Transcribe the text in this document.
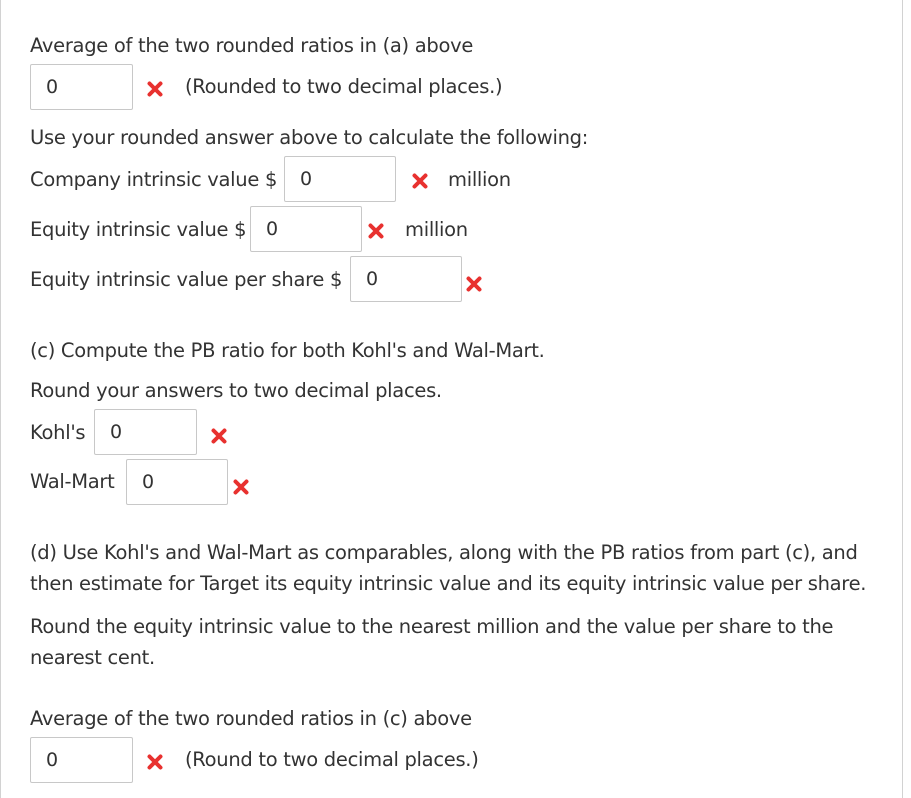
Average of the two rounded ratios in (a) above
0
(Rounded to two decimal places.)
Use your rounded answer above to calculate the following:
Company intrinsic value $
0	million
Equity intrinsic value $
0	million
Equity intrinsic value per share $
0
(c) Compute the PB ratio for both Kohl's and Wal-Mart.
Round your answers to two decimal places.
Kohl's
0
Wal-Mart
0
(d) Use Kohl's and Wal-Mart as comparables, along with the PB ratios from part (c), and then estimate for Target its equity intrinsic value and its equity intrinsic value per share.
Round the equity intrinsic value to the nearest million and the value per share to the nearest cent.
Average of the two rounded ratios in (c) above
0
(Round to two decimal places.)
